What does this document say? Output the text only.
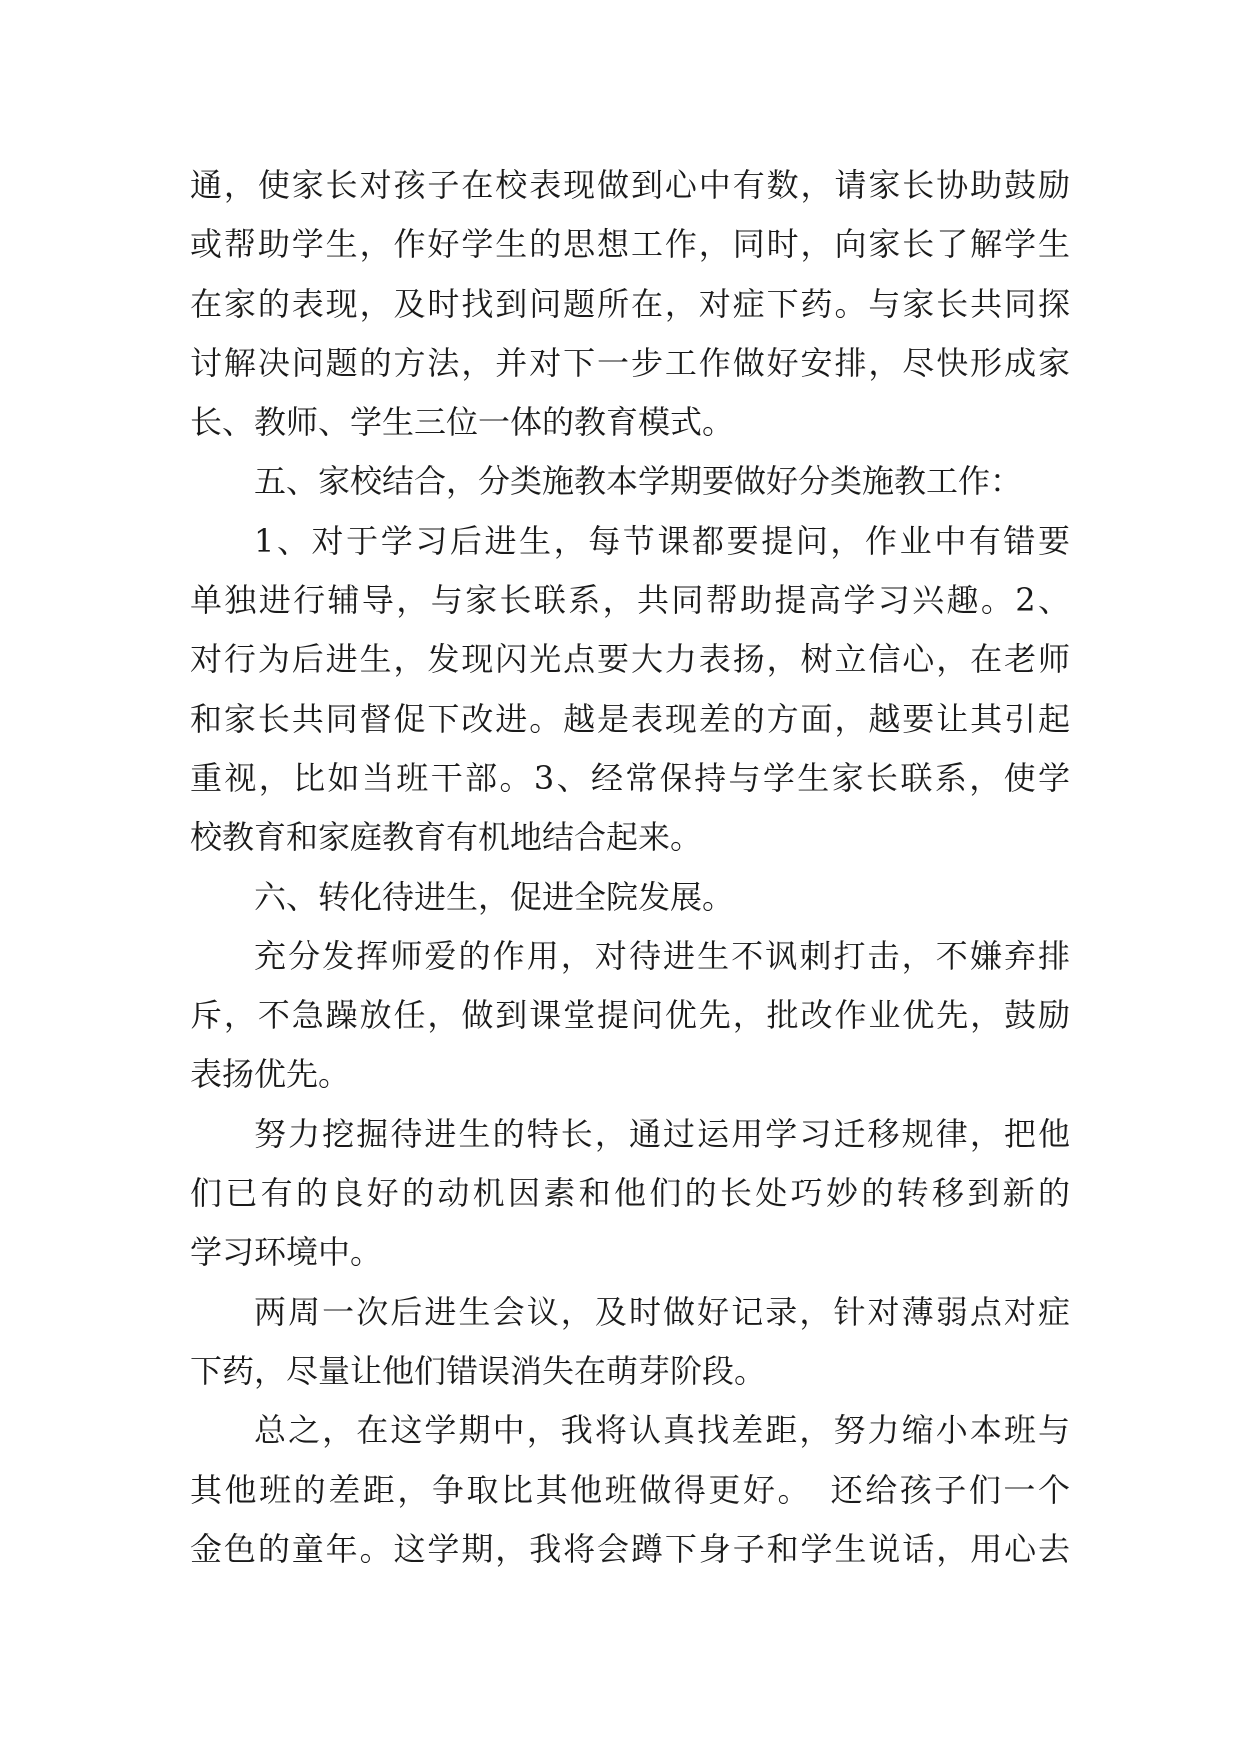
通，使家长对孩子在校表现做到心中有数，请家长协助鼓励
或帮助学生，作好学生的思想工作，同时，向家长了解学生
在家的表现，及时找到问题所在，对症下药。与家长共同探
讨解决问题的方法，并对下一步工作做好安排，尽快形成家
长、教师、学生三位一体的教育模式。
五、家校结合，分类施教本学期要做好分类施教工作：
1、对于学习后进生，每节课都要提问，作业中有错要
单独进行辅导，与家长联系，共同帮助提高学习兴趣。2、
对行为后进生，发现闪光点要大力表扬，树立信心，在老师
和家长共同督促下改进。越是表现差的方面，越要让其引起
重视，比如当班干部。3、经常保持与学生家长联系，使学
校教育和家庭教育有机地结合起来。
六、转化待进生，促进全院发展。
充分发挥师爱的作用，对待进生不讽刺打击，不嫌弃排
斥，不急躁放任，做到课堂提问优先，批改作业优先，鼓励
表扬优先。
努力挖掘待进生的特长，通过运用学习迁移规律，把他
们已有的良好的动机因素和他们的长处巧妙的转移到新的
学习环境中。
两周一次后进生会议，及时做好记录，针对薄弱点对症
下药，尽量让他们错误消失在萌芽阶段。
总之，在这学期中，我将认真找差距，努力缩小本班与
其他班的差距，争取比其他班做得更好。　还给孩子们一个
金色的童年。这学期，我将会蹲下身子和学生说话，用心去
